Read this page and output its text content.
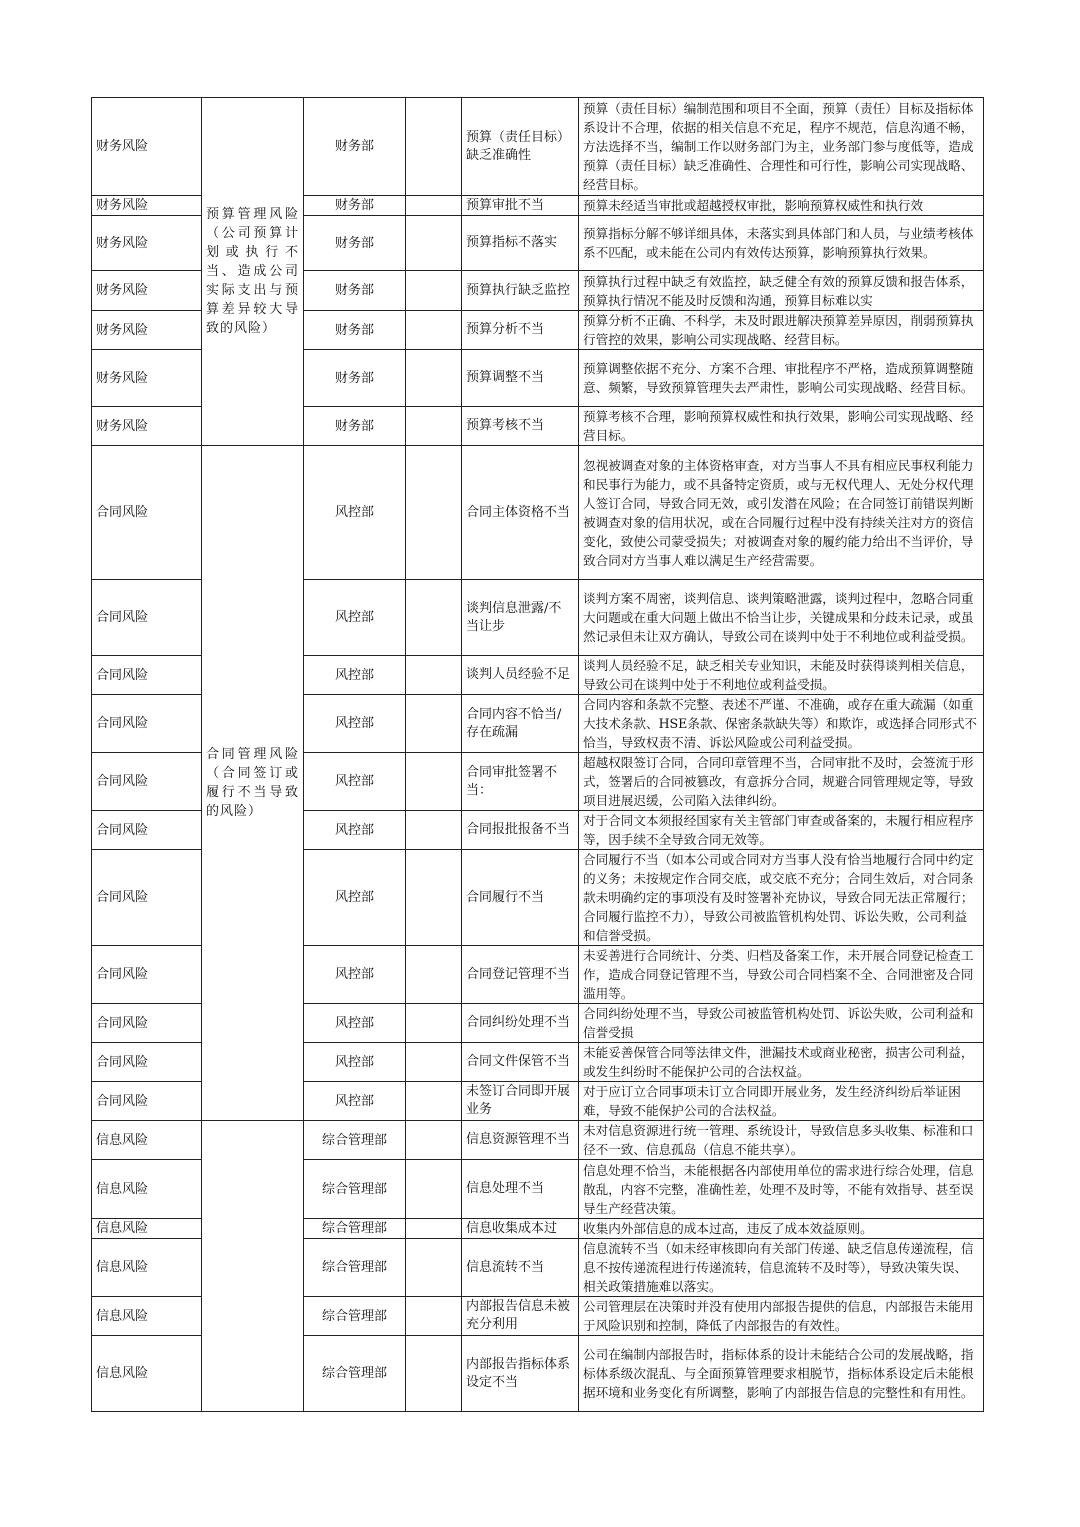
财务风险	预算管理风险（公司预算计划或执行不当、造成公司实际支出与预算差异较大导致的风险）	财务部		预算（责任目标）缺乏准确性	预算（责任目标）编制范围和项目不全面，预算（责任）目标及指标体系设计不合理，依据的相关信息不充足，程序不规范，信息沟通不畅，方法选择不当，编制工作以财务部门为主，业务部门参与度低等，造成预算（责任目标）缺乏准确性、合理性和可行性，影响公司实现战略、经营目标。
财务风险		财务部		预算审批不当	预算未经适当审批或超越授权审批，影响预算权威性和执行效
财务风险		财务部		预算指标不落实	预算指标分解不够详细具体，未落实到具体部门和人员，与业绩考核体系不匹配，或未能在公司内有效传达预算，影响预算执行效果。
财务风险		财务部		预算执行缺乏监控	预算执行过程中缺乏有效监控，缺乏健全有效的预算反馈和报告体系，预算执行情况不能及时反馈和沟通，预算目标难以实
财务风险		财务部		预算分析不当	预算分析不正确、不科学，未及时跟进解决预算差异原因，削弱预算执行管控的效果，影响公司实现战略、经营目标。
财务风险		财务部		预算调整不当	预算调整依据不充分、方案不合理、审批程序不严格，造成预算调整随意、频繁，导致预算管理失去严肃性，影响公司实现战略、经营目标。
财务风险		财务部		预算考核不当	预算考核不合理，影响预算权威性和执行效果，影响公司实现战略、经营目标。
合同风险	合同管理风险（合同签订或履行不当导致的风险）	风控部		合同主体资格不当	忽视被调查对象的主体资格审查，对方当事人不具有相应民事权利能力和民事行为能力，或不具备特定资质，或与无权代理人、无处分权代理人签订合同，导致合同无效，或引发潜在风险；在合同签订前错误判断被调查对象的信用状况，或在合同履行过程中没有持续关注对方的资信变化，致使公司蒙受损失；对被调查对象的履约能力给出不当评价，导致合同对方当事人难以满足生产经营需要。
合同风险		风控部		谈判信息泄露/不当让步	谈判方案不周密，谈判信息、谈判策略泄露，谈判过程中，忽略合同重大问题或在重大问题上做出不恰当让步，关键成果和分歧未记录，或虽然记录但未让双方确认，导致公司在谈判中处于不利地位或利益受损。
合同风险		风控部		谈判人员经验不足	谈判人员经验不足，缺乏相关专业知识，未能及时获得谈判相关信息，导致公司在谈判中处于不利地位或利益受损。
合同风险		风控部		合同内容不恰当/存在疏漏	合同内容和条款不完整、表述不严谨、不准确，或存在重大疏漏（如重大技术条款、HSE条款、保密条款缺失等）和欺诈，或选择合同形式不恰当，导致权责不清、诉讼风险或公司利益受损。
合同风险		风控部		合同审批签署不当：	超越权限签订合同，合同印章管理不当，合同审批不及时，会签流于形式，签署后的合同被篡改，有意拆分合同，规避合同管理规定等，导致项目进展迟缓，公司陷入法律纠纷。
合同风险		风控部		合同报批报备不当	对于合同文本须报经国家有关主管部门审查或备案的，未履行相应程序等，因手续不全导致合同无效等。
合同风险		风控部		合同履行不当	合同履行不当（如本公司或合同对方当事人没有恰当地履行合同中约定的义务；未按规定作合同交底，或交底不充分；合同生效后，对合同条款未明确约定的事项没有及时签署补充协议，导致合同无法正常履行；合同履行监控不力），导致公司被监管机构处罚、诉讼失败，公司利益和信誉受损。
合同风险		风控部		合同登记管理不当	未妥善进行合同统计、分类、归档及备案工作，未开展合同登记检查工作，造成合同登记管理不当，导致公司合同档案不全、合同泄密及合同滥用等。
合同风险		风控部		合同纠纷处理不当	合同纠纷处理不当，导致公司被监管机构处罚、诉讼失败，公司利益和信誉受损
合同风险		风控部		合同文件保管不当	未能妥善保管合同等法律文件，泄漏技术或商业秘密，损害公司利益，或发生纠纷时不能保护公司的合法权益。
合同风险		风控部		未签订合同即开展业务	对于应订立合同事项未订立合同即开展业务，发生经济纠纷后举证困难，导致不能保护公司的合法权益。
信息风险		综合管理部		信息资源管理不当	未对信息资源进行统一管理、系统设计，导致信息多头收集、标准和口径不一致、信息孤岛（信息不能共享）。
信息风险		综合管理部		信息处理不当	信息处理不恰当，未能根据各内部使用单位的需求进行综合处理，信息散乱，内容不完整，准确性差，处理不及时等，不能有效指导、甚至误导生产经营决策。
信息风险		综合管理部		信息收集成本过	收集内外部信息的成本过高，违反了成本效益原则。
信息风险		综合管理部		信息流转不当	信息流转不当（如未经审核即向有关部门传递、缺乏信息传递流程，信息不按传递流程进行传递流转，信息流转不及时等），导致决策失误、相关政策措施难以落实。
信息风险		综合管理部		内部报告信息未被充分利用	公司管理层在决策时并没有使用内部报告提供的信息，内部报告未能用于风险识别和控制，降低了内部报告的有效性。
信息风险		综合管理部		内部报告指标体系设定不当	公司在编制内部报告时，指标体系的设计未能结合公司的发展战略，指标体系级次混乱、与全面预算管理要求相脱节，指标体系设定后未能根据环境和业务变化有所调整，影响了内部报告信息的完整性和有用性。
